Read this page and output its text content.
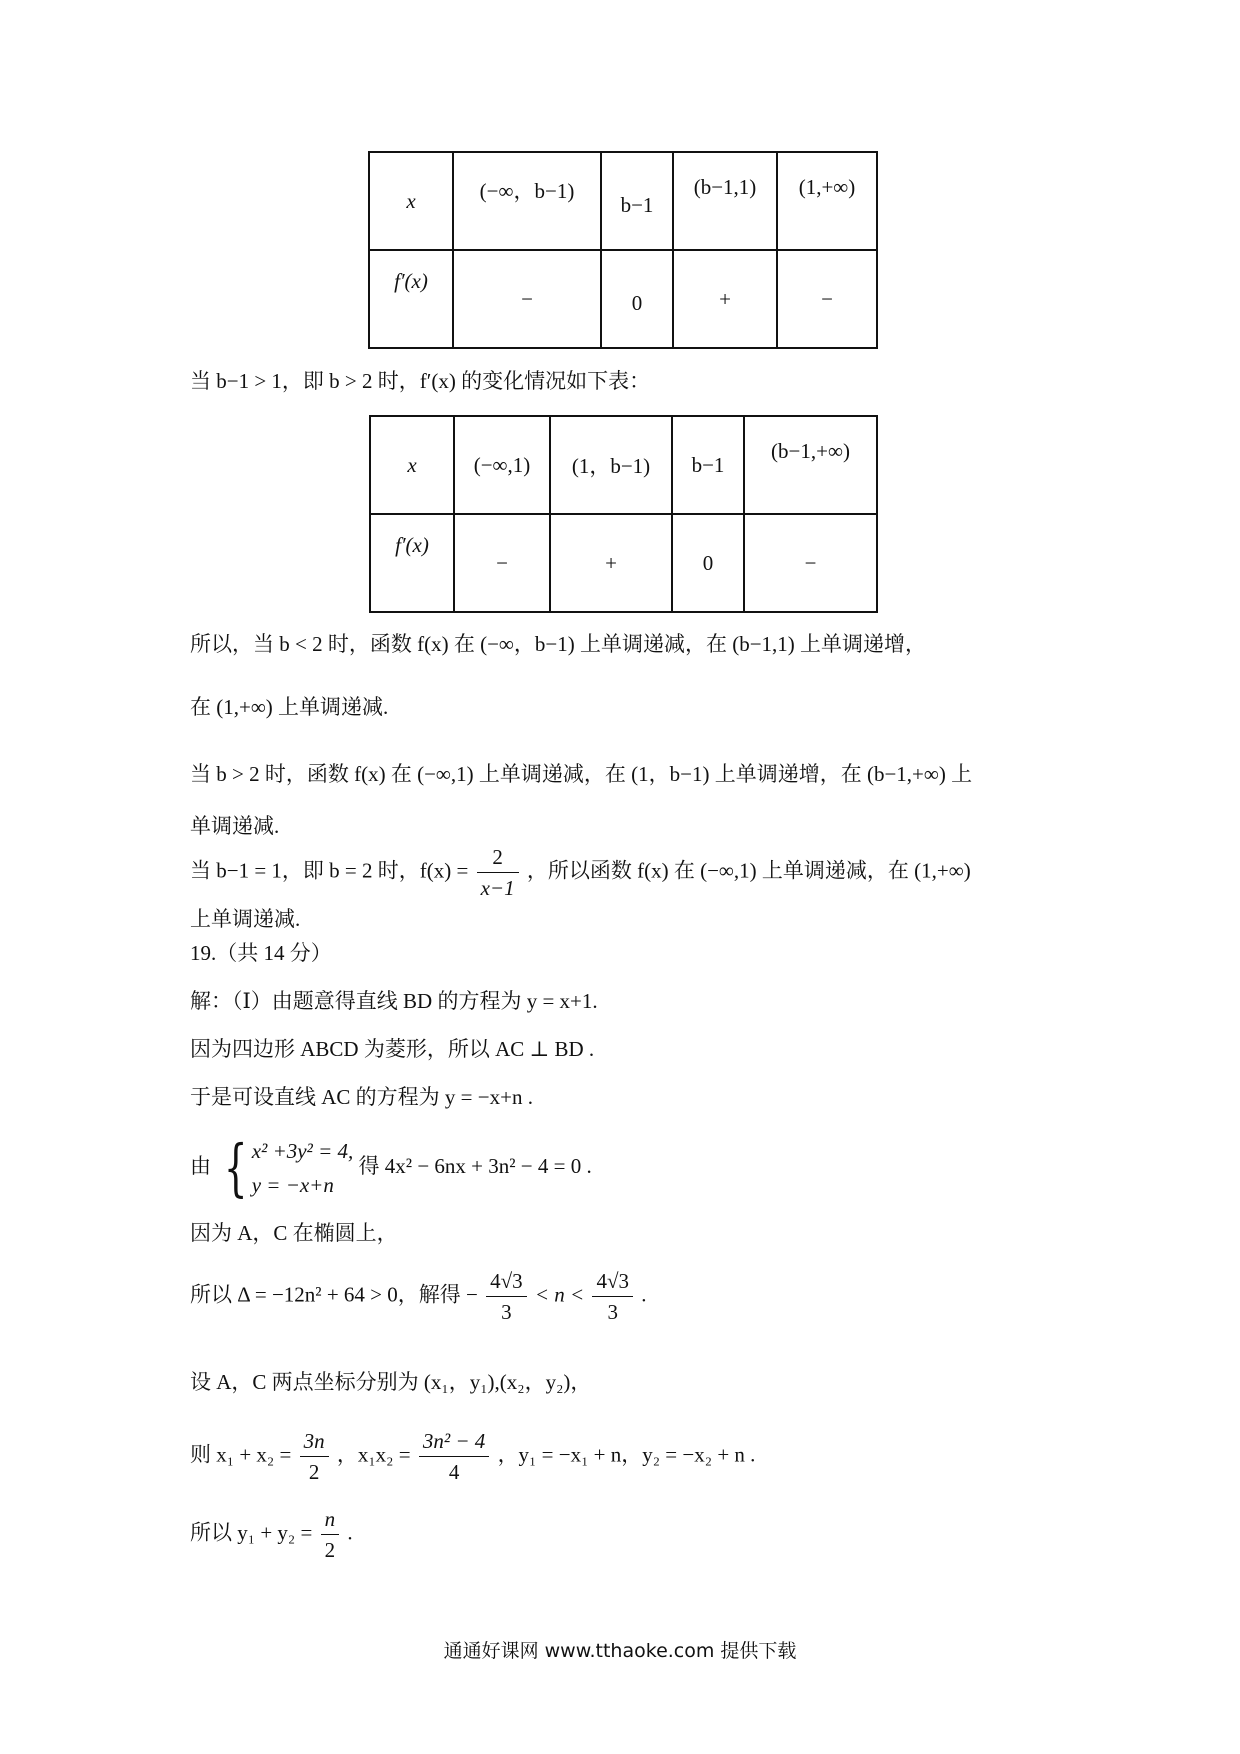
x	(−∞，b−1)	b−1	(b−1,1)	(1,+∞)
f′(x)	−	0	+	−
当 b−1 > 1，即 b > 2 时，f′(x) 的变化情况如下表：
x	(−∞,1)	(1，b−1)	b−1	(b−1,+∞)
f′(x)	−	+	0	−
所以，当 b < 2 时，函数 f(x) 在 (−∞，b−1) 上单调递减，在 (b−1,1) 上单调递增，
在 (1,+∞) 上单调递减.
当 b > 2 时，函数 f(x) 在 (−∞,1) 上单调递减，在 (1，b−1) 上单调递增，在 (b−1,+∞) 上
单调递减.
当 b−1 = 1，即 b = 2 时，$f(x) = \frac{2}{x-1}$ ，所以函数 f(x) 在 (−∞,1) 上单调递减，在 (1,+∞)
上单调递减.
19.（共 14 分）
解：（Ⅰ）由题意得直线 BD 的方程为 y = x+1.
因为四边形 ABCD 为菱形，所以 AC ⊥ BD .
于是可设直线 AC 的方程为 y = −x+n .
由 { x² +3y² = 4,
y = −x+n
得 4x² − 6nx + 3n² − 4 = 0 .
因为 A，C 在椭圆上，
所以 Δ = −12n² + 64 > 0，解得 − $\frac{4√3}{3} < n < \frac{4√3}{3}$ .
设 A，C 两点坐标分别为 (x₁，y₁),(x₂，y₂)，
则 $x_1 + x_2 = \frac{3n}{2}$ ，$x_1x_2 = \frac{\text{3n² − 4}}{4}$ ，y₁ = −x₁ + n，y₂ = −x₂ + n .
所以 $y_1 + y_2 = \frac{n}{2}$ .
通通好课网 www.tthaoke.com 提供下载
